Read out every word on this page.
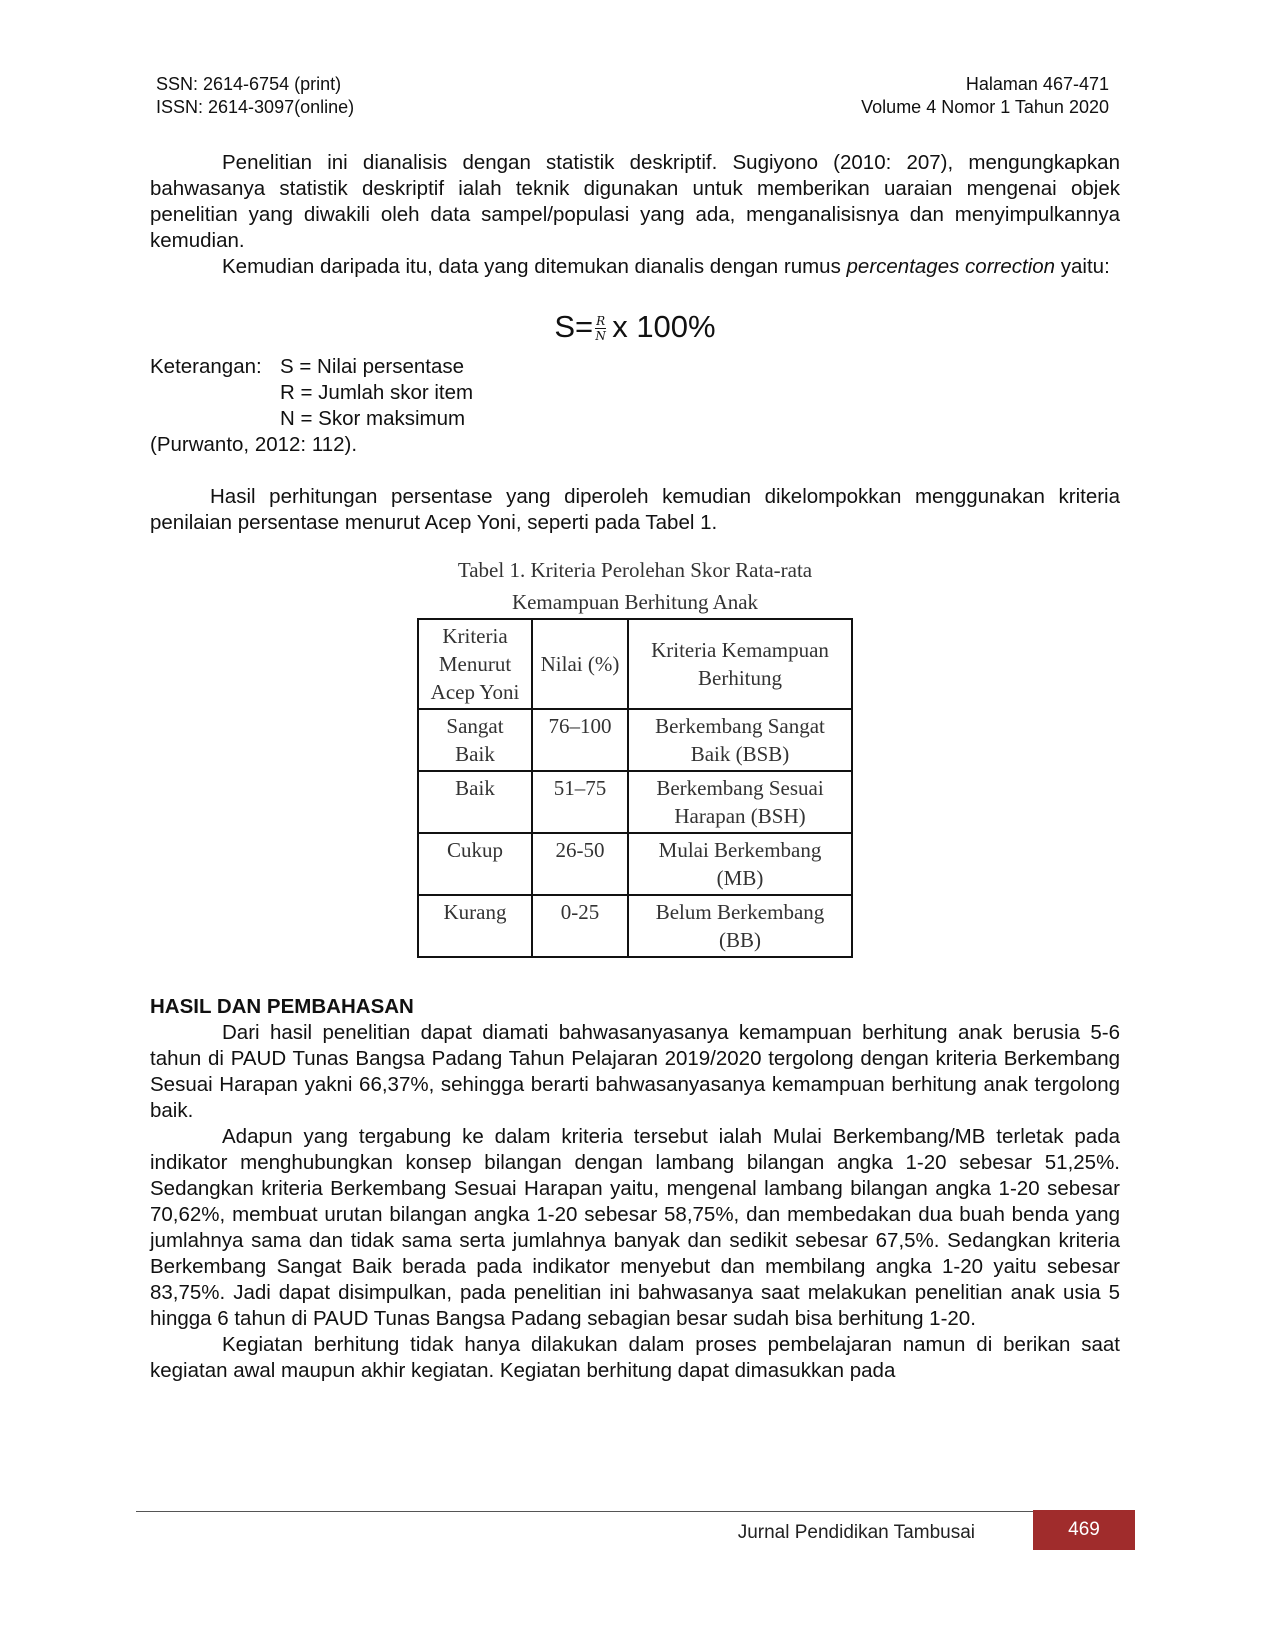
SSN: 2614-6754 (print)
ISSN: 2614-3097(online)
Halaman 467-471
Volume 4 Nomor 1 Tahun 2020

Penelitian ini dianalisis dengan statistik deskriptif. Sugiyono (2010: 207), mengungkapkan bahwasanya statistik deskriptif ialah teknik digunakan untuk memberikan uaraian mengenai objek penelitian yang diwakili oleh data sampel/populasi yang ada, menganalisisnya dan menyimpulkannya kemudian.

Kemudian daripada itu, data yang ditemukan dianalis dengan rumus percentages correction yaitu:

$S= \frac{R}{N}$ x 100%
Keterangan: S = Nilai persentase
R = Jumlah skor item
N = Skor maksimum
(Purwanto, 2012: 112).

Hasil perhitungan persentase yang diperoleh kemudian dikelompokkan menggunakan kriteria penilaian persentase menurut Acep Yoni, seperti pada Tabel 1.

Tabel 1. Kriteria Perolehan Skor Rata-rata
Kemampuan Berhitung Anak
Kriteria Menurut Acep Yoni	Nilai (%)	Kriteria Kemampuan Berhitung
Sangat Baik	76–100	Berkembang Sangat Baik (BSB)
Baik	51–75	Berkembang Sesuai Harapan (BSH)
Cukup	26-50	Mulai Berkembang (MB)
Kurang	0-25	Belum Berkembang (BB)
HASIL DAN PEMBAHASAN

Dari hasil penelitian dapat diamati bahwasanyasanya kemampuan berhitung anak berusia 5-6 tahun di PAUD Tunas Bangsa Padang Tahun Pelajaran 2019/2020 tergolong dengan kriteria Berkembang Sesuai Harapan yakni 66,37%, sehingga berarti bahwasanyasanya kemampuan berhitung anak tergolong baik.

Adapun yang tergabung ke dalam kriteria tersebut ialah Mulai Berkembang/MB terletak pada indikator menghubungkan konsep bilangan dengan lambang bilangan angka 1-20 sebesar 51,25%. Sedangkan kriteria Berkembang Sesuai Harapan yaitu, mengenal lambang bilangan angka 1-20 sebesar 70,62%, membuat urutan bilangan angka 1-20 sebesar 58,75%, dan membedakan dua buah benda yang jumlahnya sama dan tidak sama serta jumlahnya banyak dan sedikit sebesar 67,5%. Sedangkan kriteria Berkembang Sangat Baik berada pada indikator menyebut dan membilang angka 1-20 yaitu sebesar 83,75%. Jadi dapat disimpulkan, pada penelitian ini bahwasanya saat melakukan penelitian anak usia 5 hingga 6 tahun di PAUD Tunas Bangsa Padang sebagian besar sudah bisa berhitung 1-20.

Kegiatan berhitung tidak hanya dilakukan dalam proses pembelajaran namun di berikan saat kegiatan awal maupun akhir kegiatan. Kegiatan berhitung dapat dimasukkan pada

Jurnal Pendidikan Tambusai	469
